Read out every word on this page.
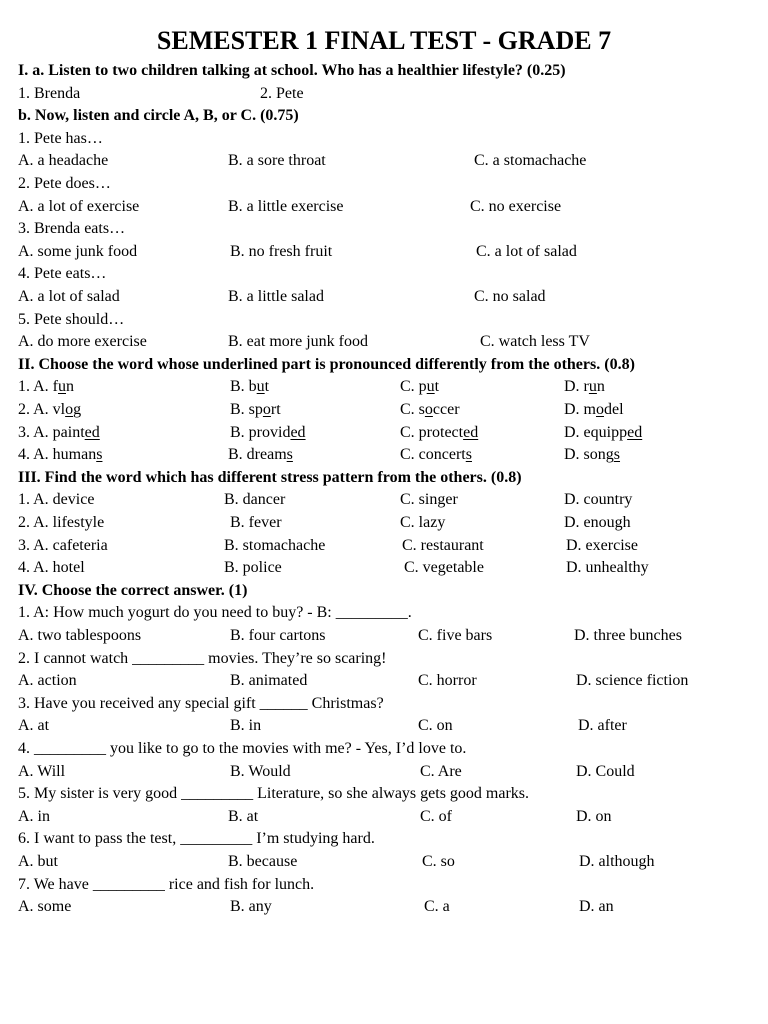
SEMESTER 1 FINAL TEST - GRADE 7
I. a. Listen to two children talking at school. Who has a healthier lifestyle? (0.25)
1. Brenda	2. Pete
b. Now, listen and circle A, B, or C. (0.75)
1. Pete has…
A. a headache	B. a sore throat	C. a stomachache
2. Pete does…
A. a lot of exercise	B. a little exercise	C. no exercise
3. Brenda eats…
A. some junk food	B. no fresh fruit	C. a lot of salad
4. Pete eats…
A. a lot of salad	B. a little salad	C. no salad
5. Pete should…
A. do more exercise	B. eat more junk food	C. watch less TV
II. Choose the word whose underlined part is pronounced differently from the others. (0.8)
1. A. fun	B. but	C. put	D. run
2. A. vlog	B. sport	C. soccer	D. model
3. A. painted	B. provided	C. protected	D. equipped
4. A. humans	B. dreams	C. concerts	D. songs
III. Find the word which has different stress pattern from the others. (0.8)
1. A. device	B. dancer	C. singer	D. country
2. A. lifestyle	B. fever	C. lazy	D. enough
3. A. cafeteria	B. stomachache	C. restaurant	D. exercise
4. A. hotel	B. police	C. vegetable	D. unhealthy
IV. Choose the correct answer. (1)
1. A: How much yogurt do you need to buy? - B: _________.
A. two tablespoons	B. four cartons	C. five bars	D. three bunches
2. I cannot watch _________ movies. They’re so scaring!
A. action	B. animated	C. horror	D. science fiction
3. Have you received any special gift ______ Christmas?
A. at	B. in	C. on	D. after
4. _________ you like to go to the movies with me? - Yes, I’d love to.
A. Will	B. Would	C. Are	D. Could
5. My sister is very good _________ Literature, so she always gets good marks.
A. in	B. at	C. of	D. on
6. I want to pass the test, _________ I’m studying hard.
A. but	B. because	C. so	D. although
7. We have _________ rice and fish for lunch.
A. some	B. any	C. a	D. an
